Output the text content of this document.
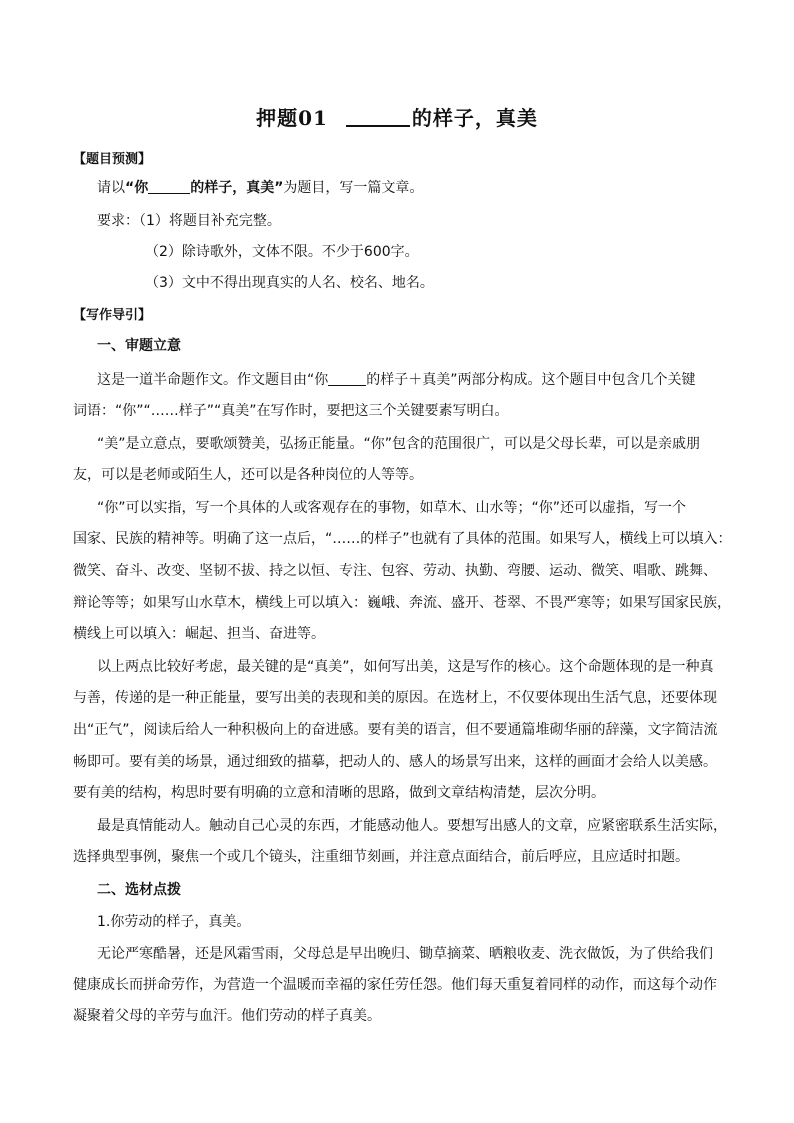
押题01	的样子，真美
【题目预测】
请以“你	的样子，真美”为题目，写一篇文章。
要求：（1）将题目补充完整。
（2）除诗歌外，文体不限。不少于600字。
（3）文中不得出现真实的人名、校名、地名。
【写作导引】
一、审题立意
这是一道半命题作文。作文题目由“你	的样子＋真美”两部分构成。这个题目中包含几个关键
词语：“你”“……样子”“真美”在写作时，要把这三个关键要素写明白。
“美”是立意点，要歌颂赞美，弘扬正能量。“你”包含的范围很广，可以是父母长辈，可以是亲戚朋
友，可以是老师或陌生人，还可以是各种岗位的人等等。
“你”可以实指，写一个具体的人或客观存在的事物，如草木、山水等；“你”还可以虚指，写一个
国家、民族的精神等。明确了这一点后，“……的样子”也就有了具体的范围。如果写人，横线上可以填入：
微笑、奋斗、改变、坚韧不拔、持之以恒、专注、包容、劳动、执勤、弯腰、运动、微笑、唱歌、跳舞、
辩论等等；如果写山水草木，横线上可以填入：巍峨、奔流、盛开、苍翠、不畏严寒等；如果写国家民族，
横线上可以填入：崛起、担当、奋进等。
以上两点比较好考虑，最关键的是“真美”，如何写出美，这是写作的核心。这个命题体现的是一种真
与善，传递的是一种正能量，要写出美的表现和美的原因。在选材上，不仅要体现出生活气息，还要体现
出“正气”，阅读后给人一种积极向上的奋进感。要有美的语言，但不要通篇堆砌华丽的辞藻，文字简洁流
畅即可。要有美的场景，通过细致的描摹，把动人的、感人的场景写出来，这样的画面才会给人以美感。
要有美的结构，构思时要有明确的立意和清晰的思路，做到文章结构清楚，层次分明。
最是真情能动人。触动自己心灵的东西，才能感动他人。要想写出感人的文章，应紧密联系生活实际，
选择典型事例，聚焦一个或几个镜头，注重细节刻画，并注意点面结合，前后呼应，且应适时扣题。
二、选材点拨
1.你劳动的样子，真美。
无论严寒酷暑，还是风霜雪雨，父母总是早出晚归、锄草摘菜、晒粮收麦、洗衣做饭，为了供给我们
健康成长而拼命劳作，为营造一个温暖而幸福的家任劳任怨。他们每天重复着同样的动作，而这每个动作
凝聚着父母的辛劳与血汗。他们劳动的样子真美。
